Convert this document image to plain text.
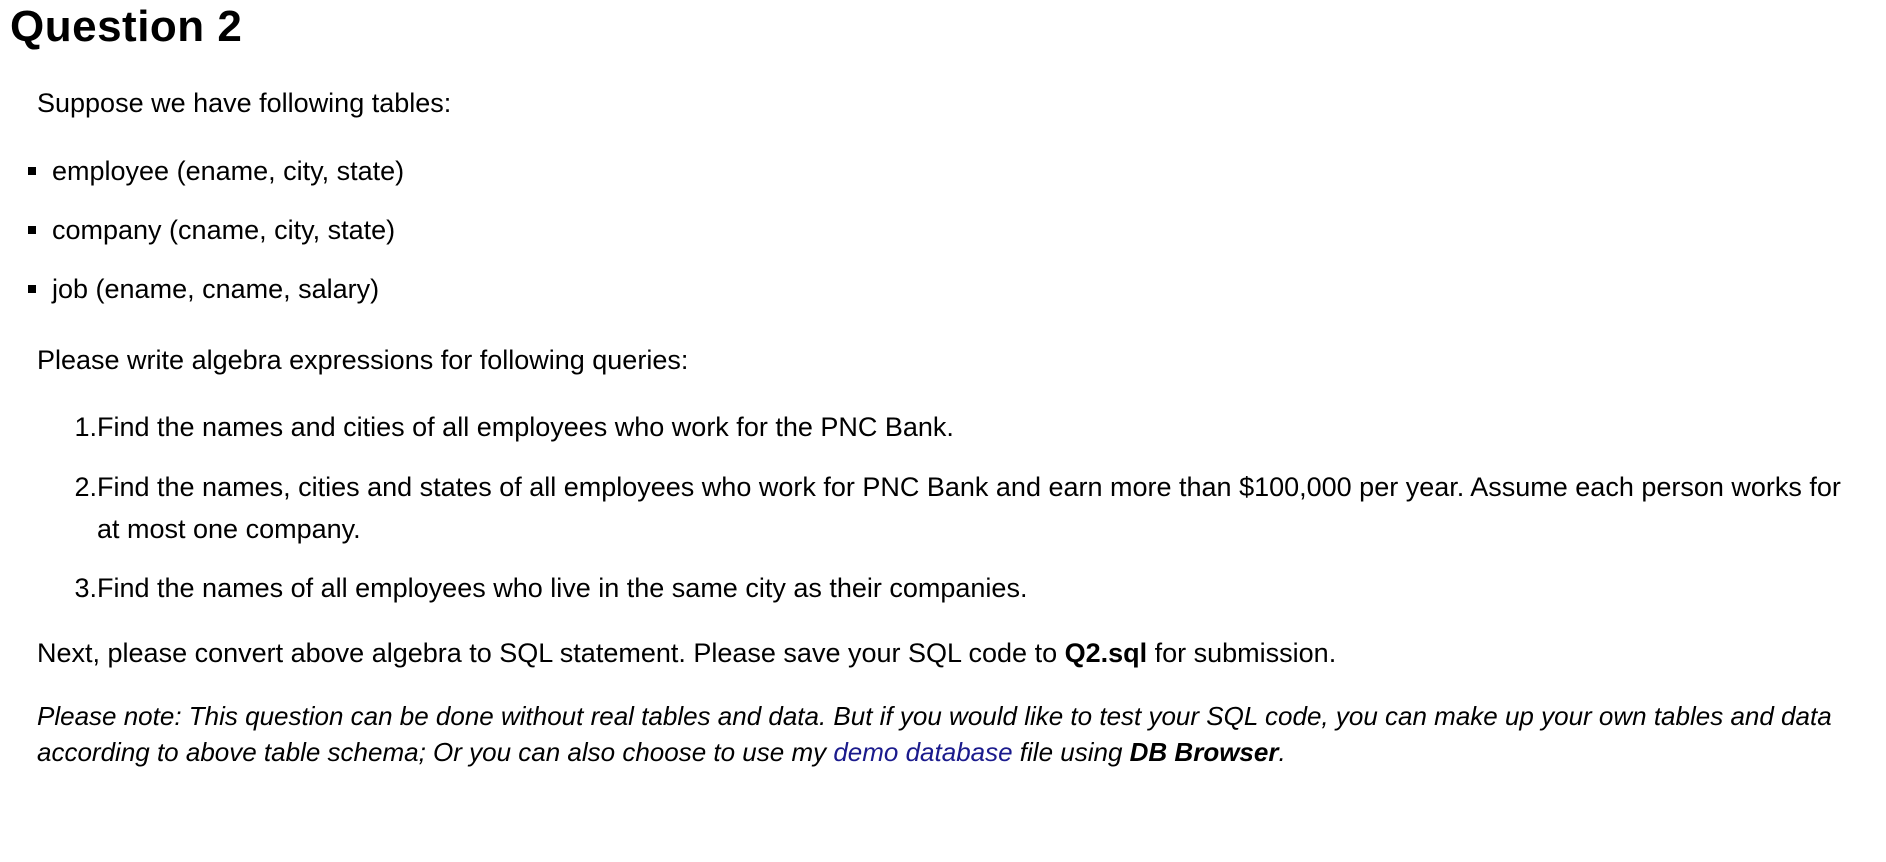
Question 2

Suppose we have following tables:

employee (ename, city, state)
company (cname, city, state)
job (ename, cname, salary)

Please write algebra expressions for following queries:

1. Find the names and cities of all employees who work for the PNC Bank.
2. Find the names, cities and states of all employees who work for PNC Bank and earn more than $100,000 per year. Assume each person works for at most one company.
3. Find the names of all employees who live in the same city as their companies.

Next, please convert above algebra to SQL statement. Please save your SQL code to Q2.sql for submission.

Please note: This question can be done without real tables and data. But if you would like to test your SQL code, you can make up your own tables and data according to above table schema; Or you can also choose to use my demo database file using DB Browser.
